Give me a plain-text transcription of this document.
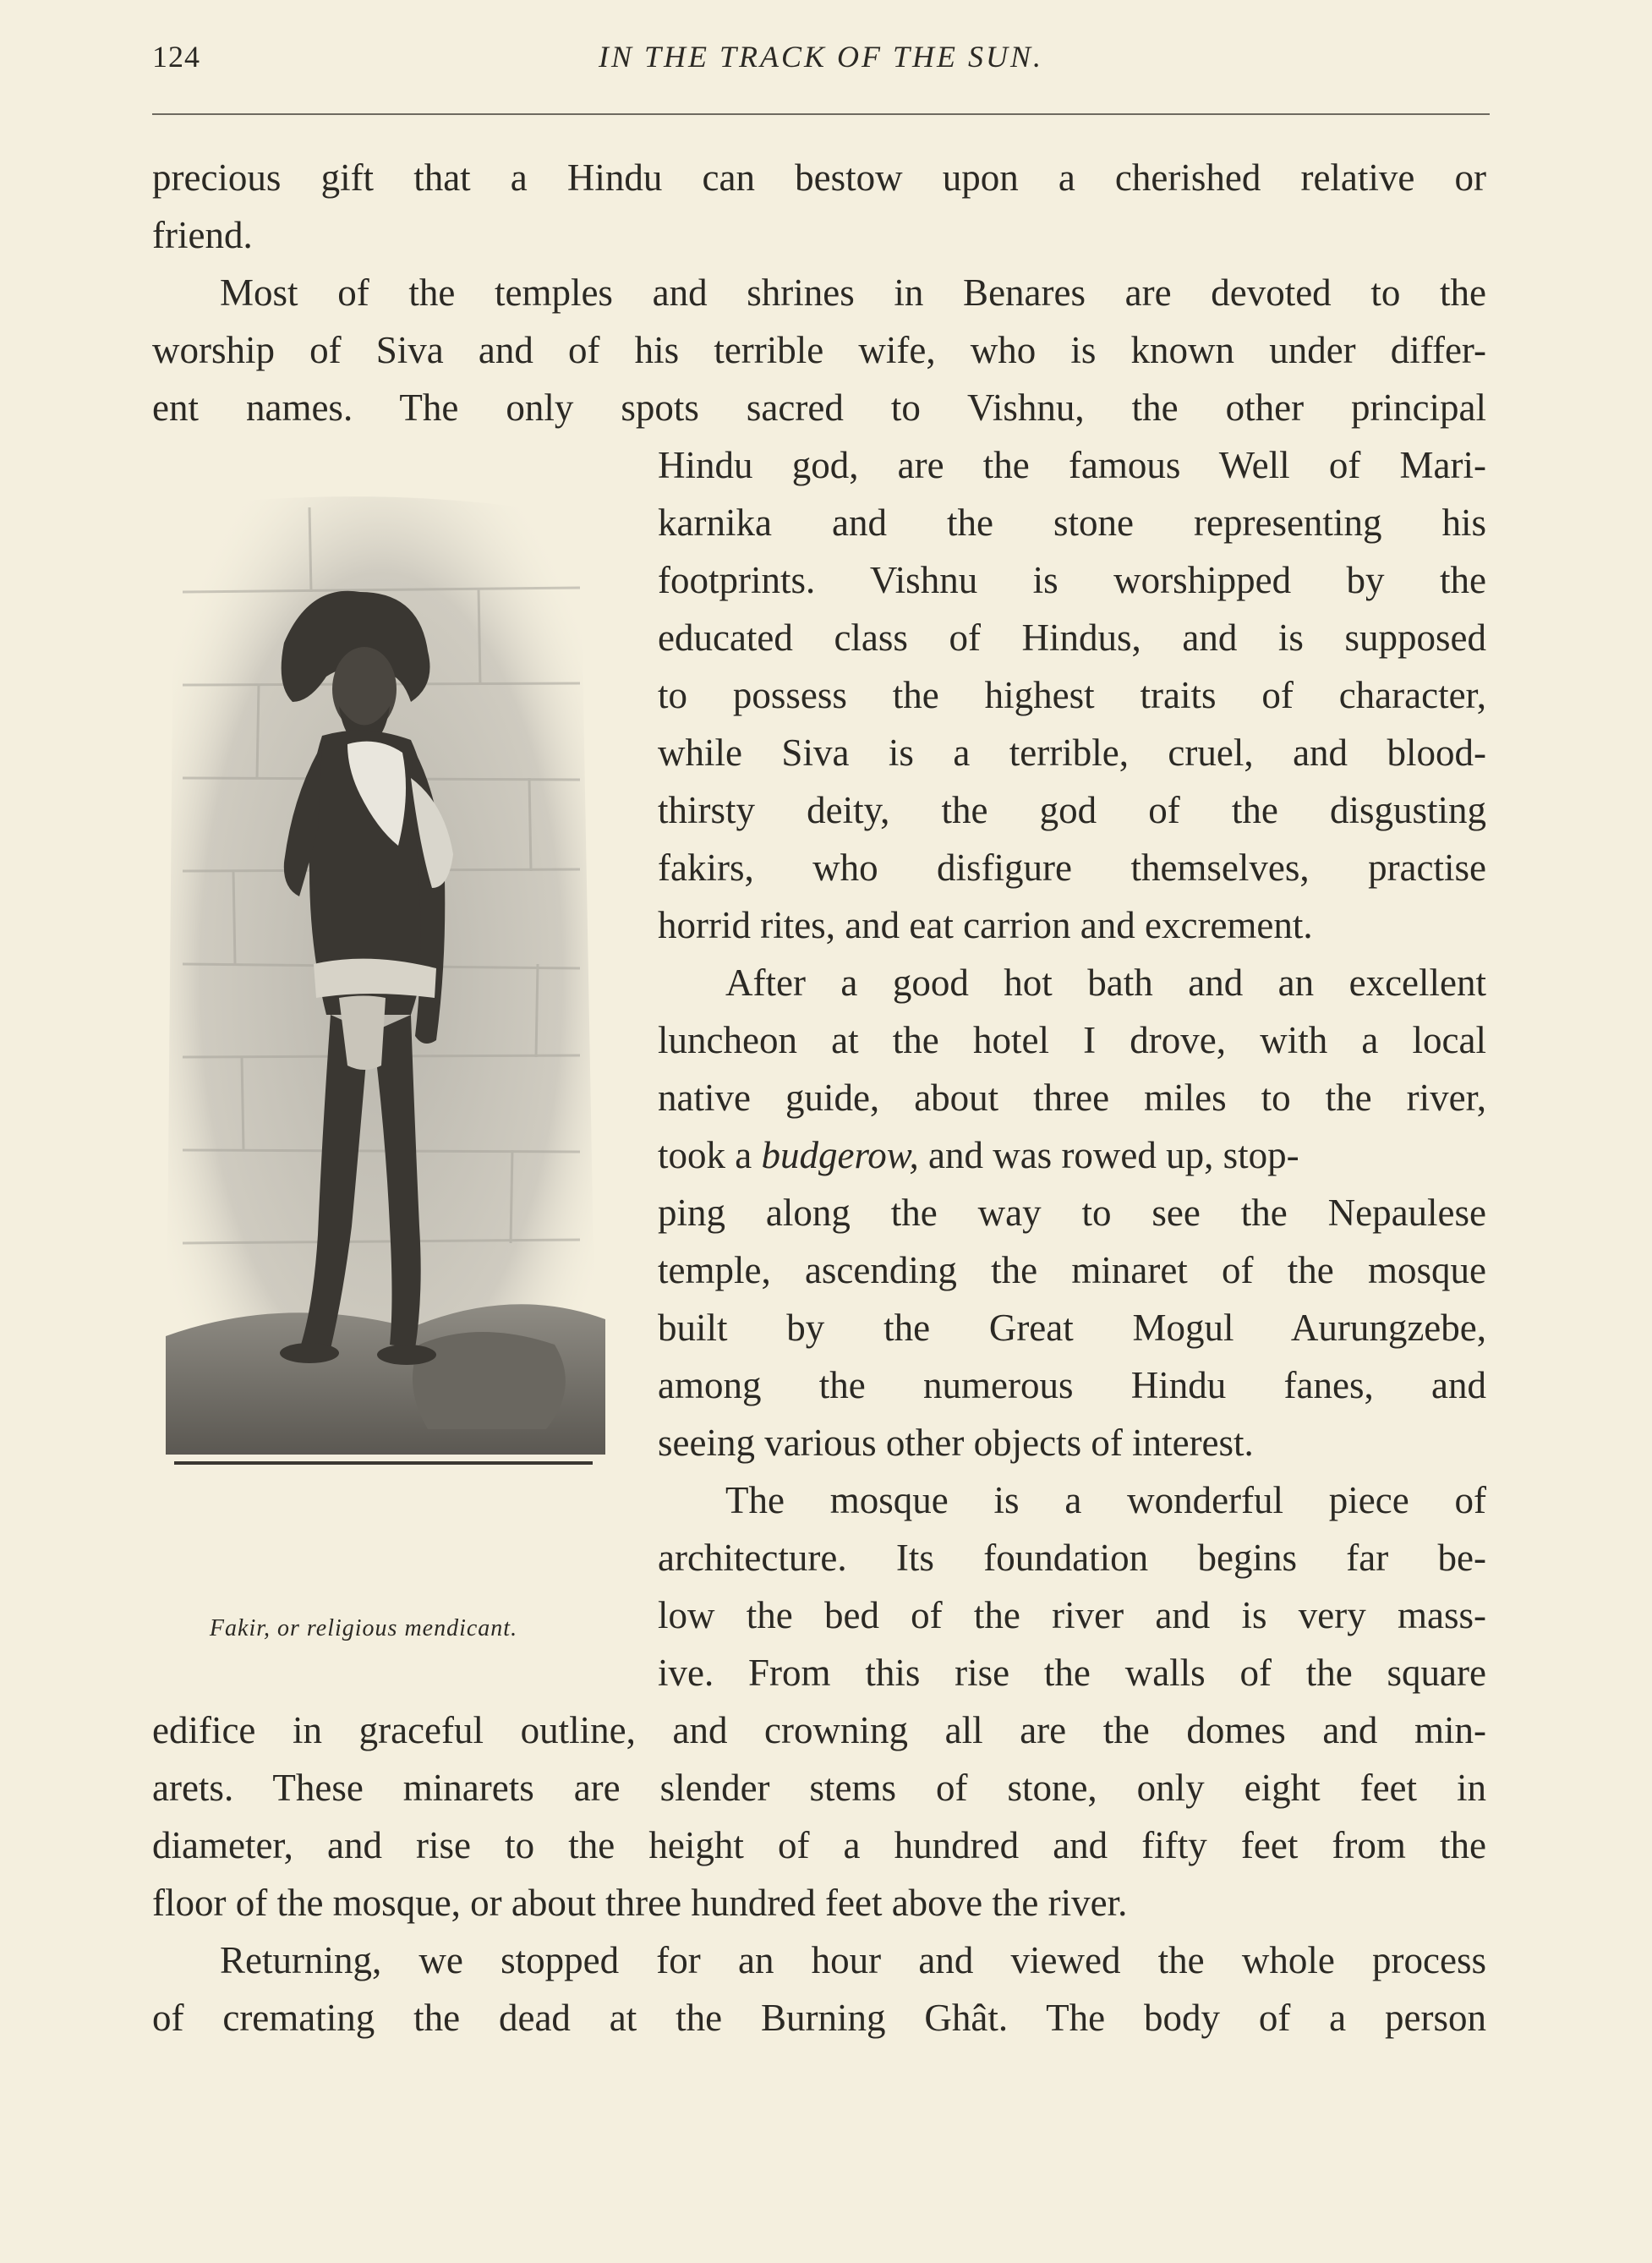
124	IN THE TRACK OF THE SUN.
precious gift that a Hindu can bestow upon a cherished relative or
friend.
Most of the temples and shrines in Benares are devoted to the
worship of Siva and of his terrible wife, who is known under differ-
ent names. The only spots sacred to Vishnu, the other principal
Hindu god, are the famous Well of Mari-
karnika and the stone representing his
footprints. Vishnu is worshipped by the
educated class of Hindus, and is supposed
to possess the highest traits of character,
while Siva is a terrible, cruel, and blood-
thirsty deity, the god of the disgusting
fakirs, who disfigure themselves, practise
horrid rites, and eat carrion and excrement.
After a good hot bath and an excellent
luncheon at the hotel I drove, with a local
native guide, about three miles to the river,
took a budgerow, and was rowed up, stop-
ping along the way to see the Nepaulese
temple, ascending the minaret of the mosque
built by the Great Mogul Aurungzebe,
among the numerous Hindu fanes, and
seeing various other objects of interest.
The mosque is a wonderful piece of
architecture. Its foundation begins far be-
low the bed of the river and is very mass-
ive. From this rise the walls of the square
edifice in graceful outline, and crowning all are the domes and min-
arets. These minarets are slender stems of stone, only eight feet in
diameter, and rise to the height of a hundred and fifty feet from the
floor of the mosque, or about three hundred feet above the river.
Returning, we stopped for an hour and viewed the whole process
of cremating the dead at the Burning Ghât. The body of a person
Fakir, or religious mendicant.
